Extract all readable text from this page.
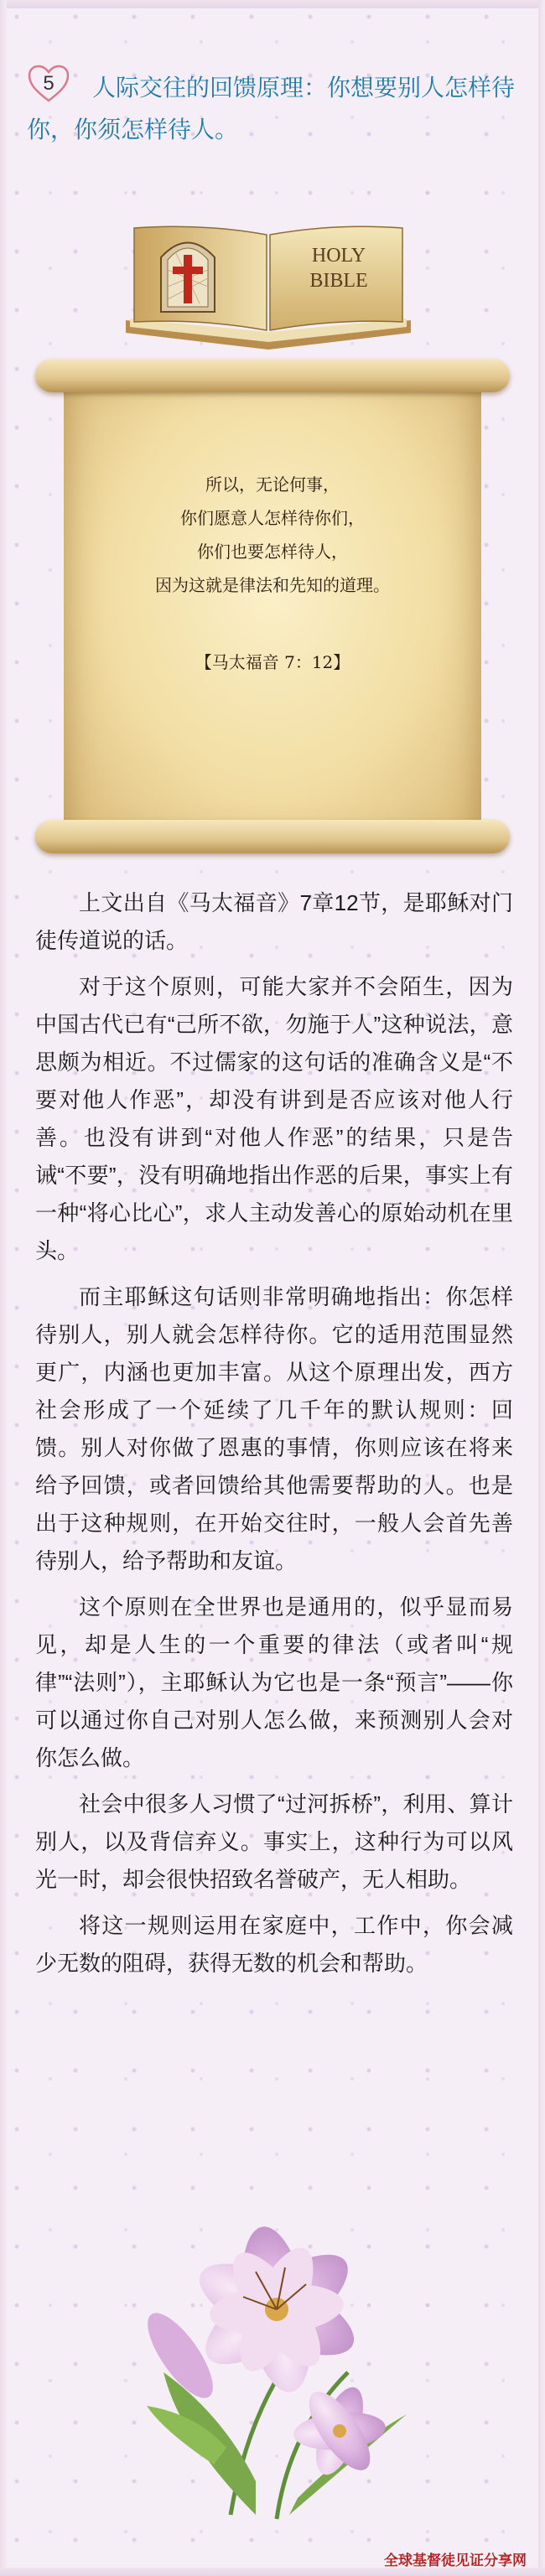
5	人际交往的回馈原理：你想要别人怎样待你，你须怎样待人。
HOLY
BIBLE

所以，无论何事，

你们愿意人怎样待你们，

你们也要怎样待人，

因为这就是律法和先知的道理。

【马太福音 7：12】

上文出自《马太福音》7章12节，是耶稣对门徒传道说的话。

对于这个原则，可能大家并不会陌生，因为中国古代已有“己所不欲，勿施于人”这种说法，意思颇为相近。不过儒家的这句话的准确含义是“不要对他人作恶”，却没有讲到是否应该对他人行善。也没有讲到“对他人作恶”的结果，只是告诫“不要”，没有明确地指出作恶的后果，事实上有一种“将心比心”，求人主动发善心的原始动机在里头。

而主耶稣这句话则非常明确地指出：你怎样待别人，别人就会怎样待你。它的适用范围显然更广，内涵也更加丰富。从这个原理出发，西方社会形成了一个延续了几千年的默认规则：回馈。别人对你做了恩惠的事情，你则应该在将来给予回馈，或者回馈给其他需要帮助的人。也是出于这种规则，在开始交往时，一般人会首先善待别人，给予帮助和友谊。

这个原则在全世界也是通用的，似乎显而易见，却是人生的一个重要的律法（或者叫“规律”“法则”），主耶稣认为它也是一条“预言”——你可以通过你自己对别人怎么做，来预测别人会对你怎么做。

社会中很多人习惯了“过河拆桥”，利用、算计别人，以及背信弃义。事实上，这种行为可以风光一时，却会很快招致名誉破产，无人相助。

将这一规则运用在家庭中，工作中，你会减少无数的阻碍，获得无数的机会和帮助。

全球基督徒见证分享网
